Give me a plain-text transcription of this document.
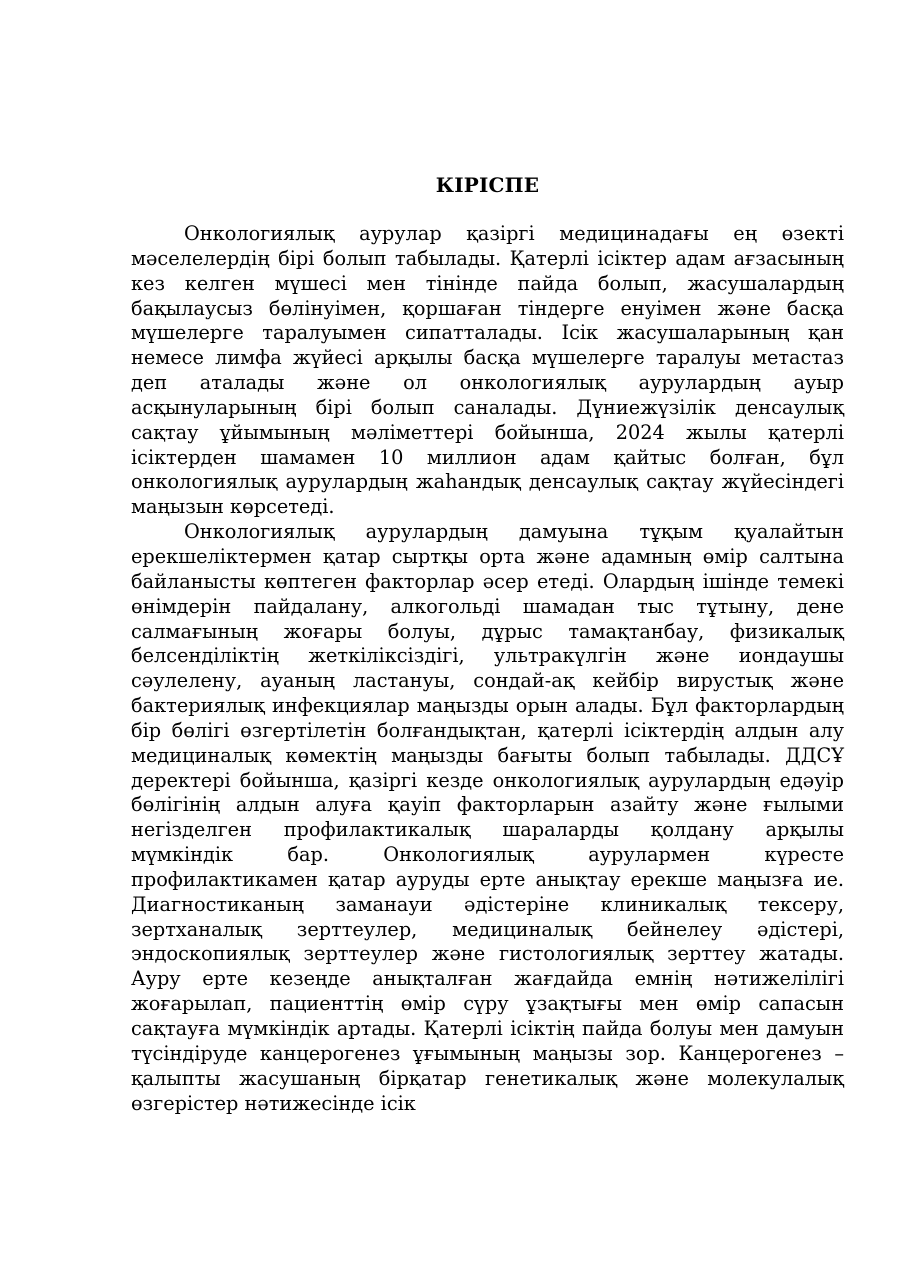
КІРІСПЕ

Онкологиялық аурулар қазіргі медицинадағы ең өзекті мәселелердің бірі болып табылады. Қатерлі ісіктер адам ағзасының кез келген мүшесі мен тінінде пайда болып, жасушалардың бақылаусыз бөлінуімен, қоршаған тіндерге енуімен және басқа мүшелерге таралуымен сипатталады. Ісік жасушаларының қан немесе лимфа жүйесі арқылы басқа мүшелерге таралуы метастаз деп аталады және ол онкологиялық аурулардың ауыр асқынуларының бірі болып саналады. Дүниежүзілік денсаулық сақтау ұйымының мәліметтері бойынша, 2024 жылы қатерлі ісіктерден шамамен 10 миллион адам қайтыс болған, бұл онкологиялық аурулардың жаһандық денсаулық сақтау жүйесіндегі маңызын көрсетеді.

Онкологиялық аурулардың дамуына тұқым қуалайтын ерекшеліктермен қатар сыртқы орта және адамның өмір салтына байланысты көптеген факторлар әсер етеді. Олардың ішінде темекі өнімдерін пайдалану, алкогольді шамадан тыс тұтыну, дене салмағының жоғары болуы, дұрыс тамақтанбау, физикалық белсенділіктің жеткіліксіздігі, ультракүлгін және иондаушы сәулелену, ауаның ластануы, сондай-ақ кейбір вирустық және бактериялық инфекциялар маңызды орын алады. Бұл факторлардың бір бөлігі өзгертілетін болғандықтан, қатерлі ісіктердің алдын алу медициналық көмектің маңызды бағыты болып табылады. ДДСҰ деректері бойынша, қазіргі кезде онкологиялық аурулардың едәуір бөлігінің алдын алуға қауіп факторларын азайту және ғылыми негізделген профилактикалық шараларды қолдану арқылы мүмкіндік бар. Онкологиялық аурулармен күресте профилактикамен қатар ауруды ерте анықтау ерекше маңызға ие. Диагностиканың заманауи әдістеріне клиникалық тексеру, зертханалық зерттеулер, медициналық бейнелеу әдістері, эндоскопиялық зерттеулер және гистологиялық зерттеу жатады. Ауру ерте кезеңде анықталған жағдайда емнің нәтижелілігі жоғарылап, пациенттің өмір сүру ұзақтығы мен өмір сапасын сақтауға мүмкіндік артады. Қатерлі ісіктің пайда болуы мен дамуын түсіндіруде канцерогенез ұғымының маңызы зор. Канцерогенез – қалыпты жасушаның бірқатар генетикалық және молекулалық өзгерістер нәтижесінде ісік
